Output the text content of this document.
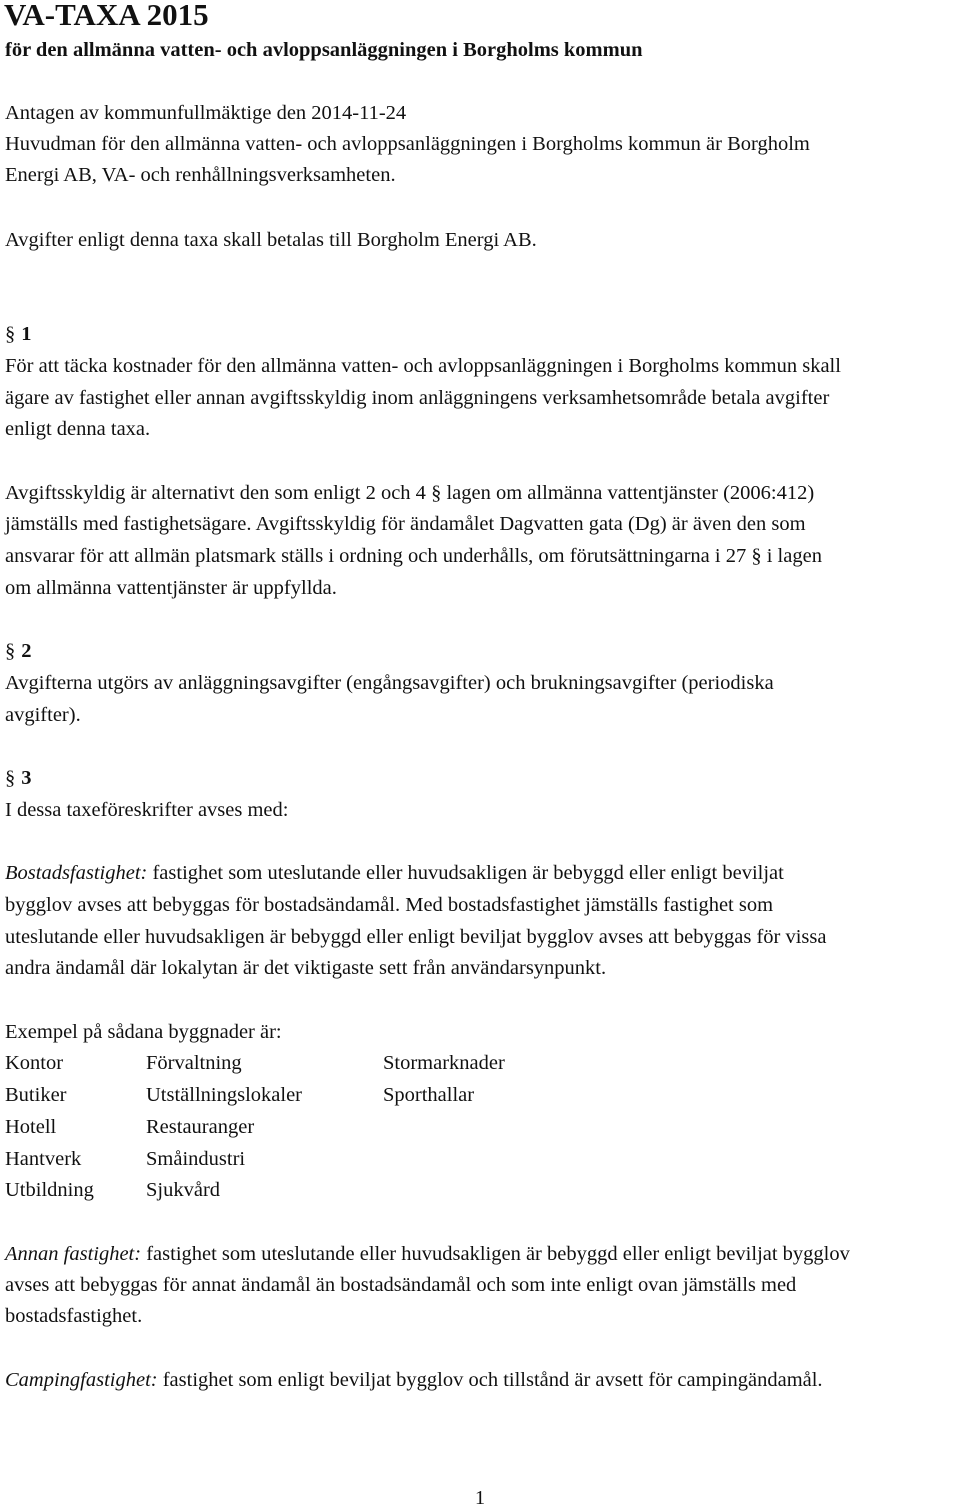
VA-TAXA 2015
för den allmänna vatten- och avloppsanläggningen i Borgholms kommun
Antagen av kommunfullmäktige den 2014-11-24
Huvudman för den allmänna vatten- och avloppsanläggningen i Borgholms kommun är Borgholm
Energi AB, VA- och renhållningsverksamheten.
Avgifter enligt denna taxa skall betalas till Borgholm Energi AB.
§ 1
För att täcka kostnader för den allmänna vatten- och avloppsanläggningen i Borgholms kommun skall
ägare av fastighet eller annan avgiftsskyldig inom anläggningens verksamhetsområde betala avgifter
enligt denna taxa.
Avgiftsskyldig är alternativt den som enligt 2 och 4 § lagen om allmänna vattentjänster (2006:412)
jämställs med fastighetsägare. Avgiftsskyldig för ändamålet Dagvatten gata (Dg) är även den som
ansvarar för att allmän platsmark ställs i ordning och underhålls, om förutsättningarna i 27 § i lagen
om allmänna vattentjänster är uppfyllda.
§ 2
Avgifterna utgörs av anläggningsavgifter (engångsavgifter) och brukningsavgifter (periodiska
avgifter).
§ 3
I dessa taxeföreskrifter avses med:
Bostadsfastighet: fastighet som uteslutande eller huvudsakligen är bebyggd eller enligt beviljat
bygglov avses att bebyggas för bostadsändamål. Med bostadsfastighet jämställs fastighet som
uteslutande eller huvudsakligen är bebyggd eller enligt beviljat bygglov avses att bebyggas för vissa
andra ändamål där lokalytan är det viktigaste sett från användarsynpunkt.
Exempel på sådana byggnader är:
Kontor	Förvaltning	Stormarknader
Butiker	Utställningslokaler	Sporthallar
Hotell	Restauranger
Hantverk	Småindustri
Utbildning	Sjukvård
Annan fastighet: fastighet som uteslutande eller huvudsakligen är bebyggd eller enligt beviljat bygglov
avses att bebyggas för annat ändamål än bostadsändamål och som inte enligt ovan jämställs med
bostadsfastighet.
Campingfastighet: fastighet som enligt beviljat bygglov och tillstånd är avsett för campingändamål.
1
